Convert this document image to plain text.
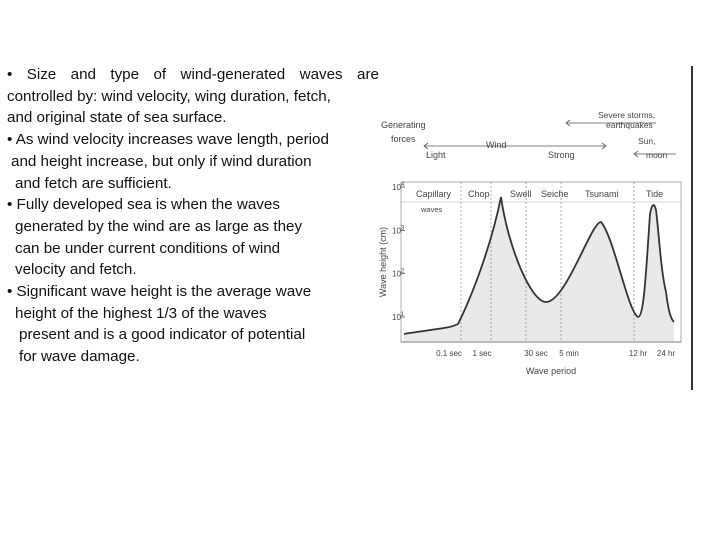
• Size and type of wind-generated waves are
controlled by: wind velocity, wing duration, fetch,
and original state of sea surface.
• As wind velocity increases wave length, period
and height increase, but only if wind duration
and fetch are sufficient.
• Fully developed sea is when the waves
generated by the wind are as large as they
can be under current conditions of wind
velocity and fetch.
• Significant wave height is the average wave
height of the highest 1/3 of the waves
present and is a good indicator of potential
for wave damage.
Generating
forces
Light
Wind
Strong
Severe storms,
earthquakes
Sun,
moon
Capillary
waves
Chop Swell Seiche Tsunami	Tide
Wave height (cm)
$10^4$
$10^3$
$10^2$
$10^1$
0.1 sec 1 sec	30 sec 5 min	12 hr 24 hr
Wave period
